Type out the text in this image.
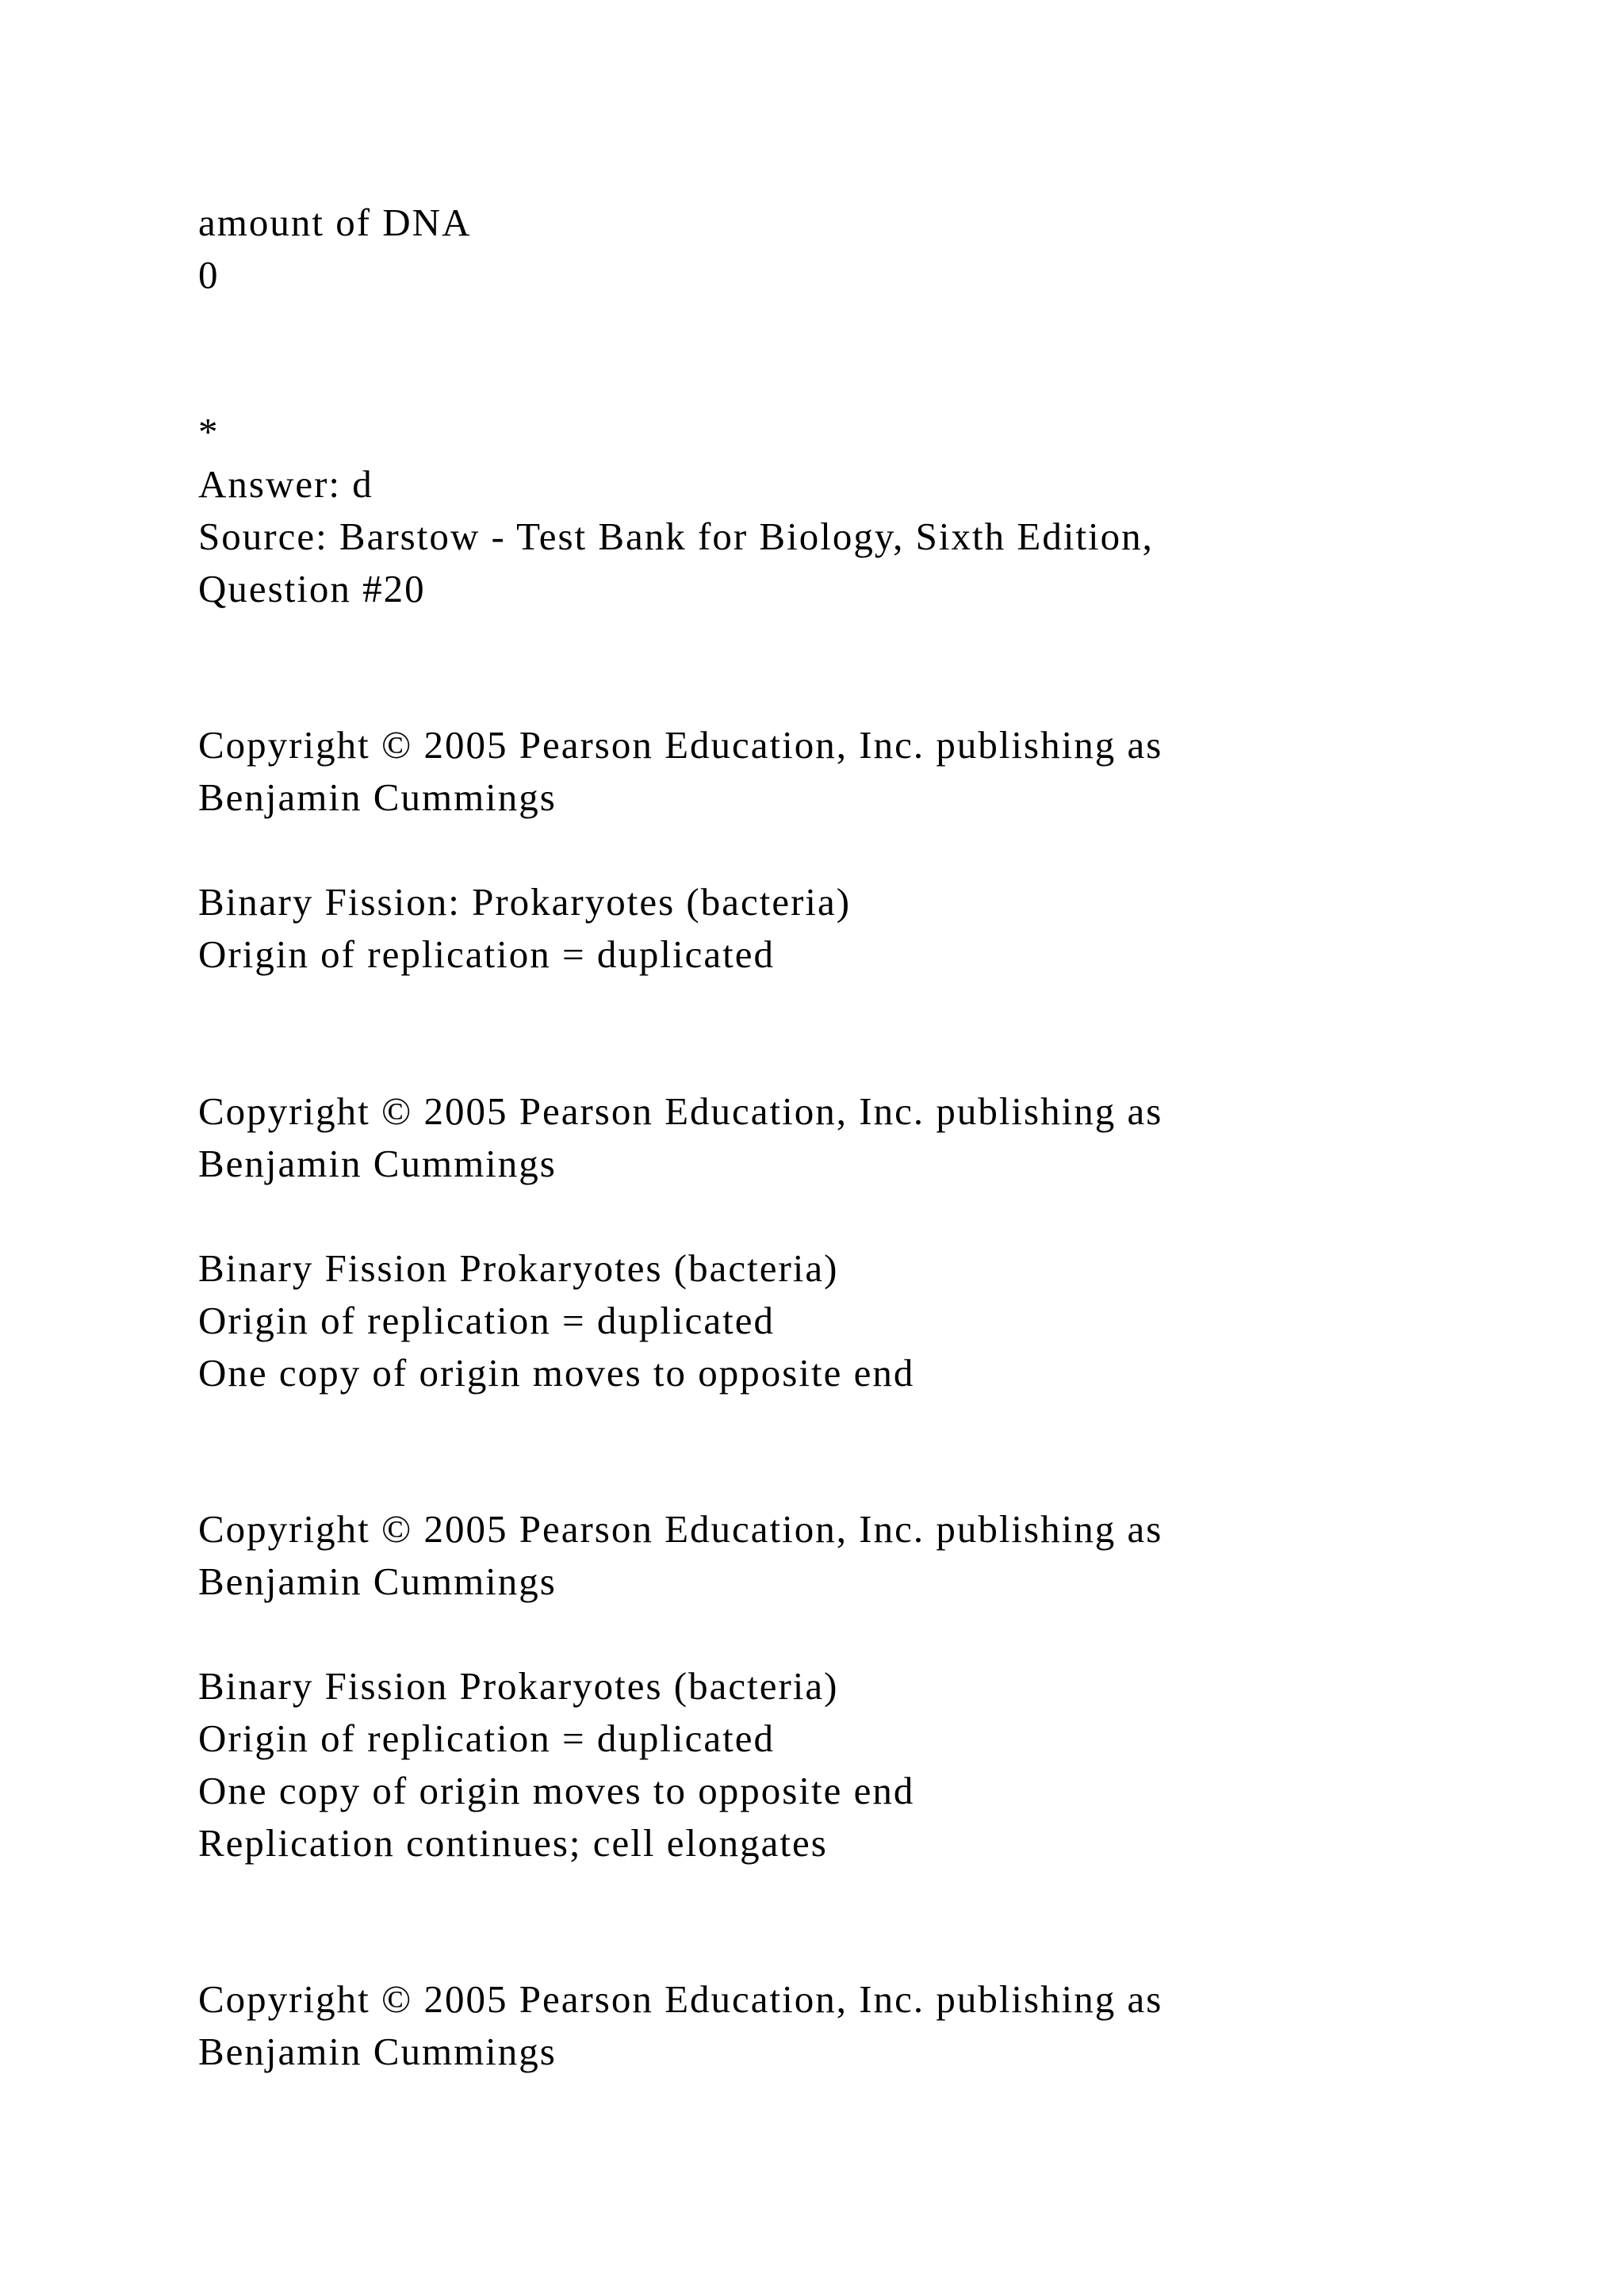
amount of DNA

0

*

Answer: d

Source: Barstow - Test Bank for Biology, Sixth Edition,

Question #20

Copyright © 2005 Pearson Education, Inc. publishing as

Benjamin Cummings

Binary Fission: Prokaryotes (bacteria)

Origin of replication = duplicated

Copyright © 2005 Pearson Education, Inc. publishing as

Benjamin Cummings

Binary Fission Prokaryotes (bacteria)

Origin of replication = duplicated

One copy of origin moves to opposite end

Copyright © 2005 Pearson Education, Inc. publishing as

Benjamin Cummings

Binary Fission Prokaryotes (bacteria)

Origin of replication = duplicated

One copy of origin moves to opposite end

Replication continues; cell elongates

Copyright © 2005 Pearson Education, Inc. publishing as

Benjamin Cummings
